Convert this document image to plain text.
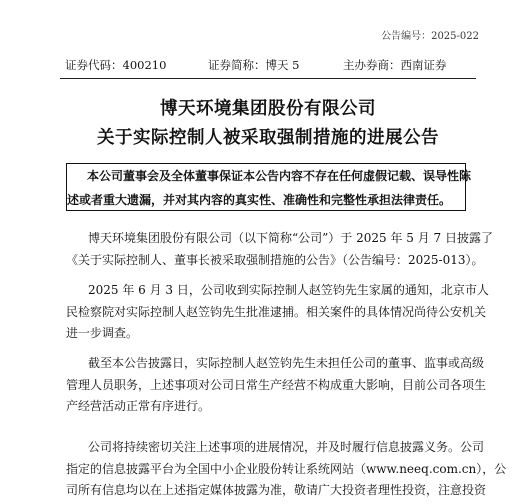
公告编号：2025-022
证券代码：400210	证券简称：博天 5	主办券商：西南证券
博天环境集团股份有限公司
关于实际控制人被采取强制措施的进展公告
本公司董事会及全体董事保证本公告内容不存在任何虚假记载、误导性陈
述或者重大遗漏，并对其内容的真实性、准确性和完整性承担法律责任。
博天环境集团股份有限公司（以下简称“公司”）于 2025 年 5 月 7 日披露了
《关于实际控制人、董事长被采取强制措施的公告》（公告编号：2025-013）。
2025 年 6 月 3 日，公司收到实际控制人赵笠钧先生家属的通知，北京市人
民检察院对实际控制人赵笠钧先生批准逮捕。相关案件的具体情况尚待公安机关
进一步调查。
截至本公告披露日，实际控制人赵笠钧先生未担任公司的董事、监事或高级
管理人员职务，上述事项对公司日常生产经营不构成重大影响，目前公司各项生
产经营活动正常有序进行。
公司将持续密切关注上述事项的进展情况，并及时履行信息披露义务。公司
指定的信息披露平台为全国中小企业股份转让系统网站（www.neeq.com.cn），公
司所有信息均以在上述指定媒体披露为准，敬请广大投资者理性投资，注意投资
